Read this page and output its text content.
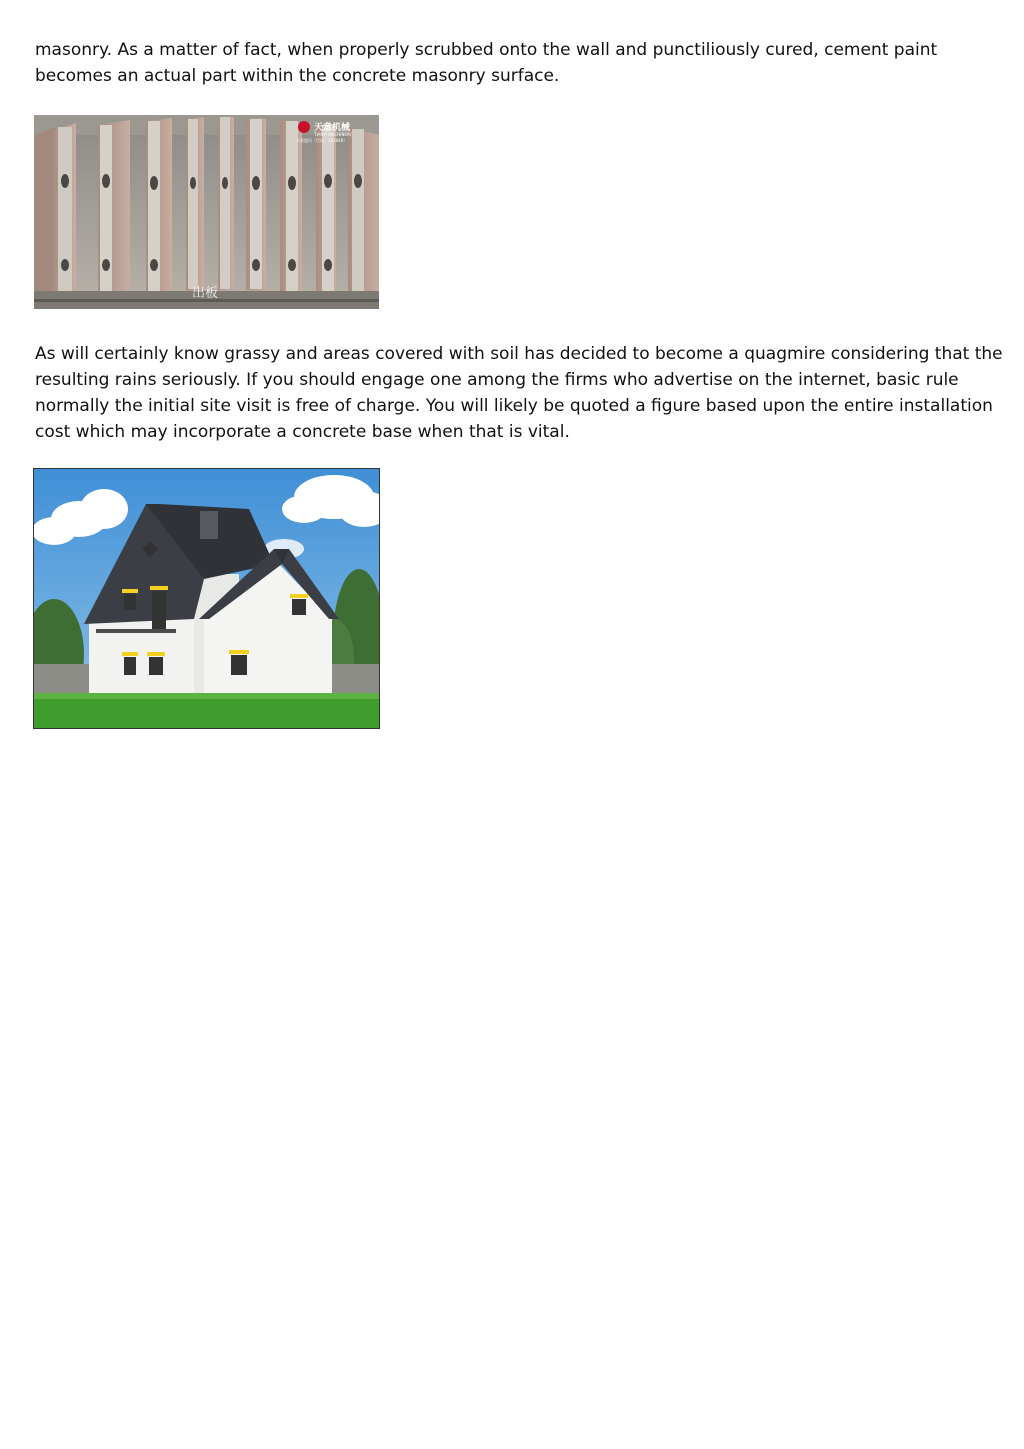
masonry. As a matter of fact, when properly scrubbed onto the wall and punctiliously cured, cement paint
becomes an actual part within the concrete masonry surface.
天意机械
TIANYI MACHINERY
天意股份（代码：201648）
出板
As will certainly know grassy and areas covered with soil has decided to become a quagmire considering that the
resulting rains seriously. If you should engage one among the firms who advertise on the internet, basic rule
normally the initial site visit is free of charge. You will likely be quoted a figure based upon the entire installation
cost which may incorporate a concrete base when that is vital.
